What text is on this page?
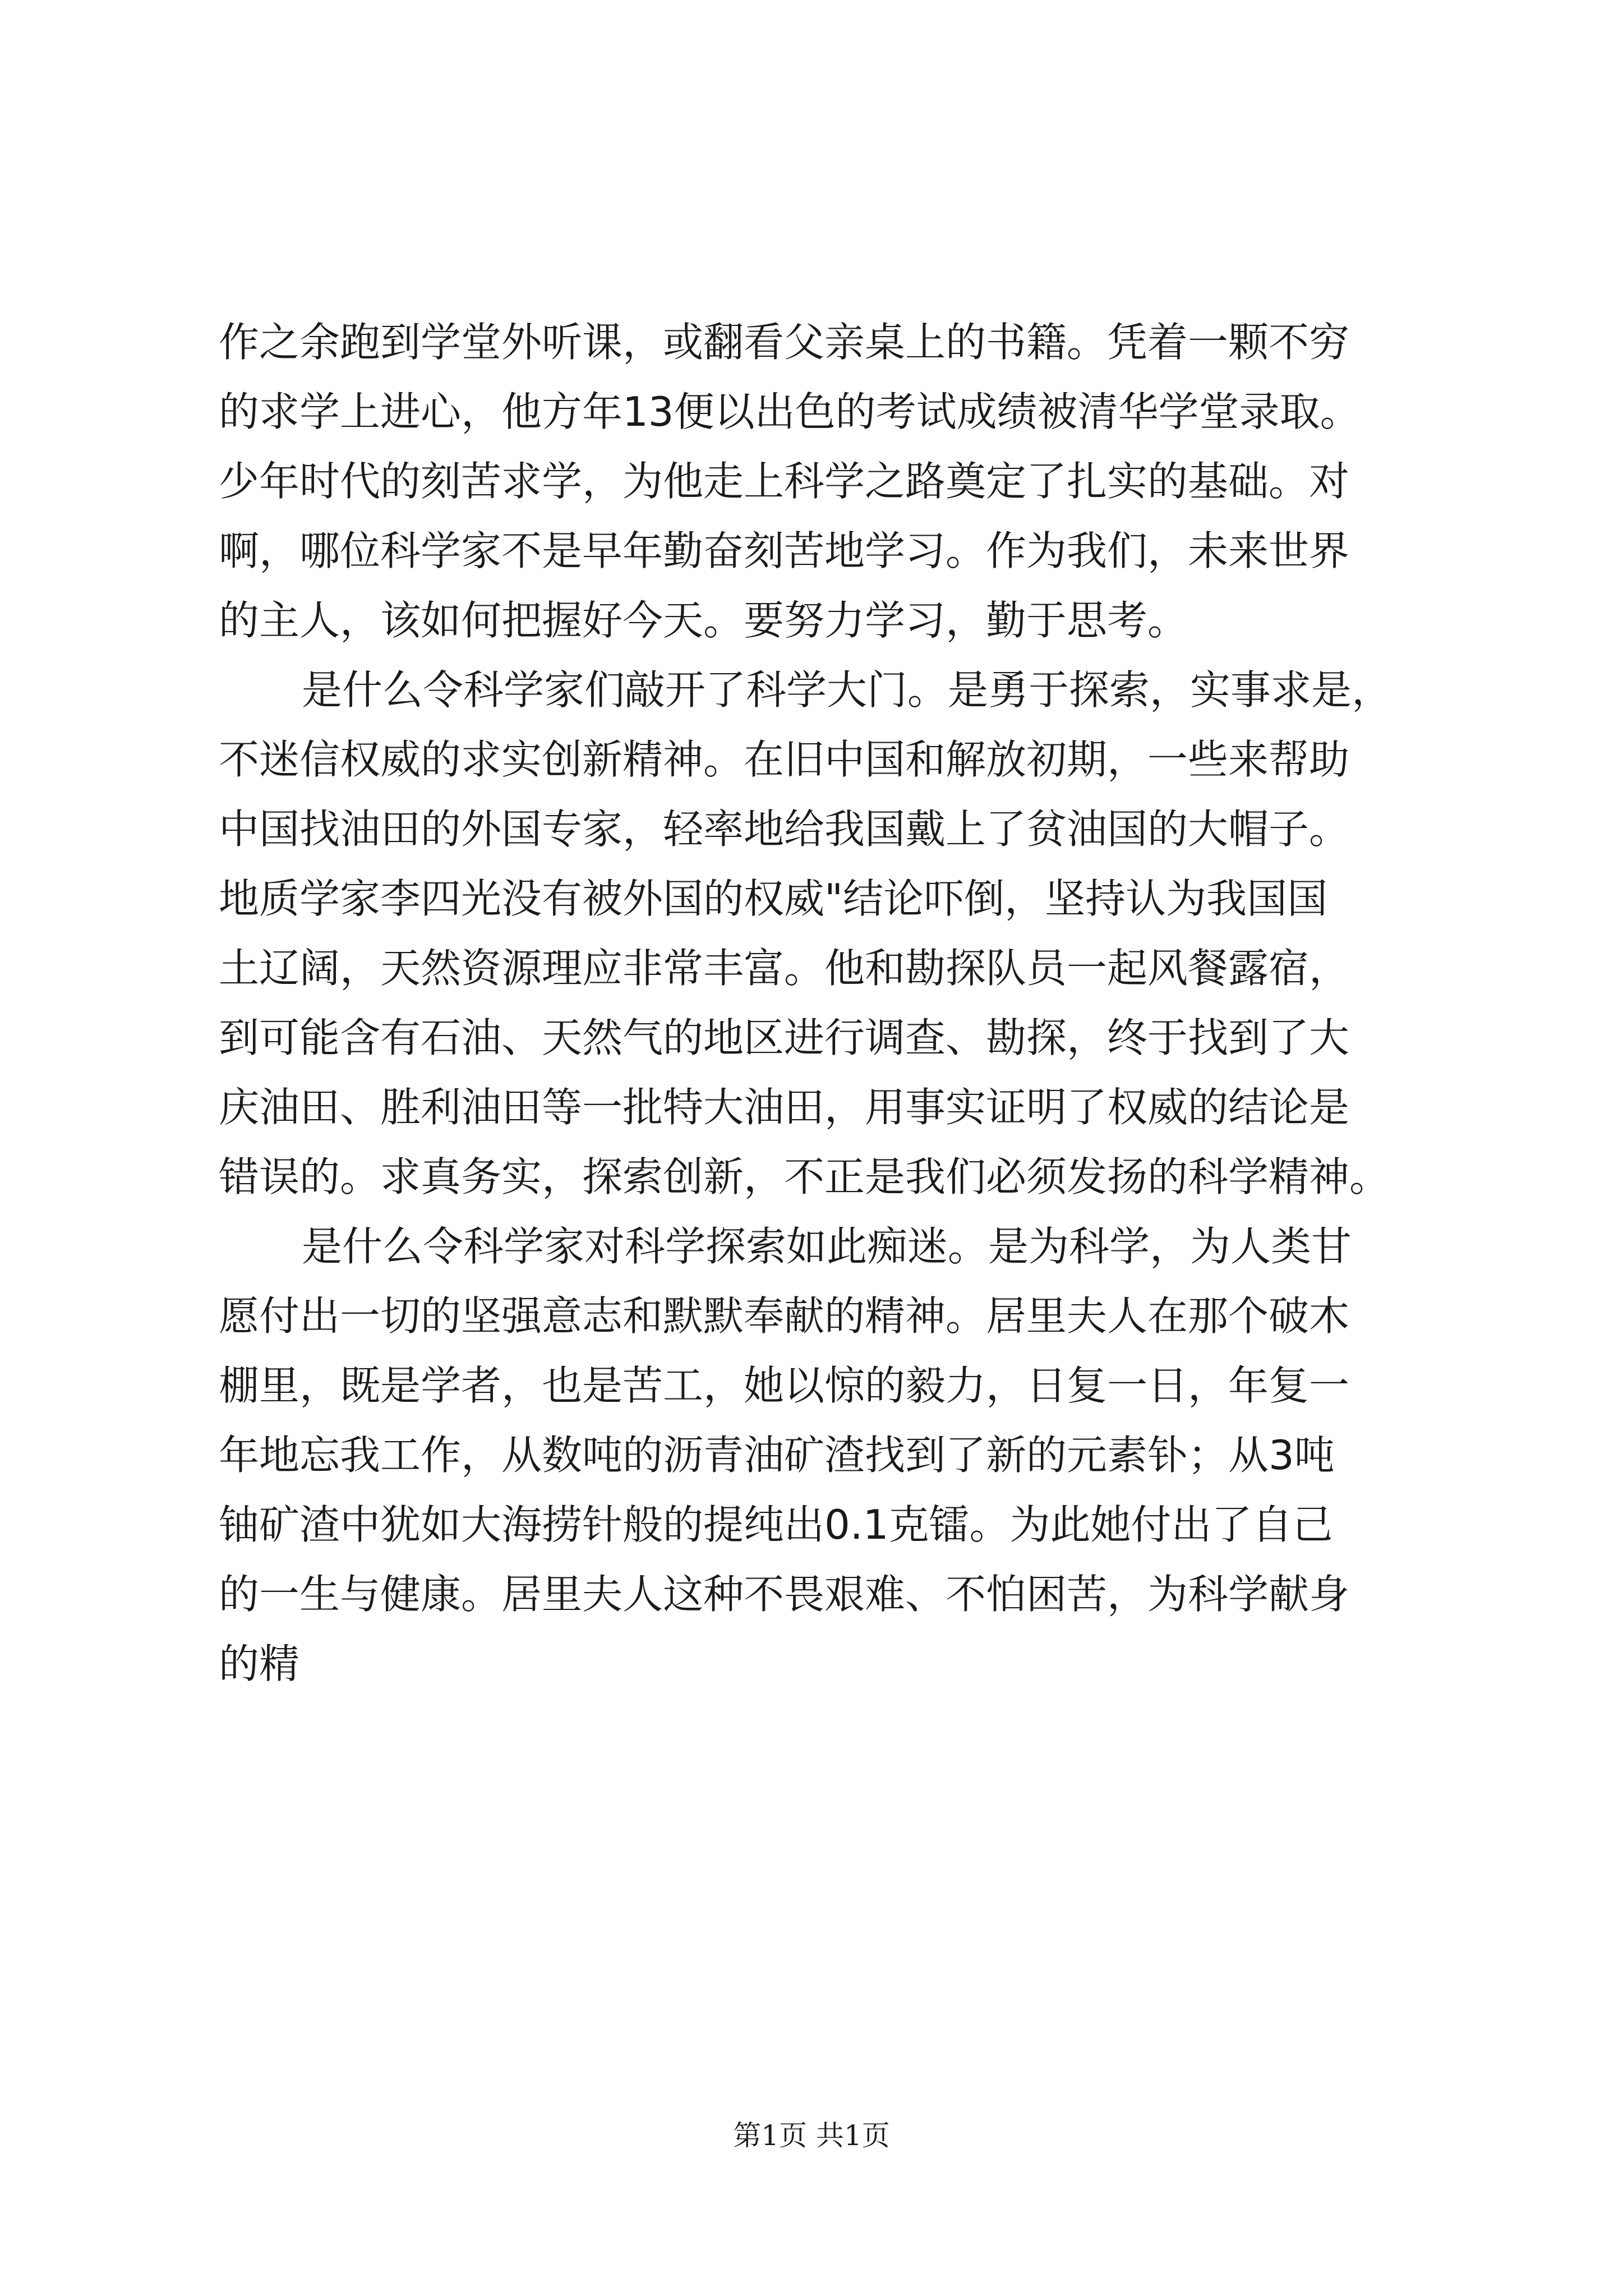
作之余跑到学堂外听课，或翻看父亲桌上的书籍。凭着一颗不穷

的求学上进心，他方年13便以出色的考试成绩被清华学堂录取。

少年时代的刻苦求学，为他走上科学之路奠定了扎实的基础。对

啊，哪位科学家不是早年勤奋刻苦地学习。作为我们，未来世界

的主人，该如何把握好今天。要努力学习，勤于思考。

是什么令科学家们敲开了科学大门。是勇于探索，实事求是，

不迷信权威的求实创新精神。在旧中国和解放初期，一些来帮助

中国找油田的外国专家，轻率地给我国戴上了贫油国的大帽子。

地质学家李四光没有被外国的权威"结论吓倒，坚持认为我国国

土辽阔，天然资源理应非常丰富。他和勘探队员一起风餐露宿，

到可能含有石油、天然气的地区进行调查、勘探，终于找到了大

庆油田、胜利油田等一批特大油田，用事实证明了权威的结论是

错误的。求真务实，探索创新，不正是我们必须发扬的科学精神。

是什么令科学家对科学探索如此痴迷。是为科学，为人类甘

愿付出一切的坚强意志和默默奉献的精神。居里夫人在那个破木

棚里，既是学者，也是苦工，她以惊的毅力，日复一日，年复一

年地忘我工作，从数吨的沥青油矿渣找到了新的元素钋；从3吨

铀矿渣中犹如大海捞针般的提纯出0.1克镭。为此她付出了自己

的一生与健康。居里夫人这种不畏艰难、不怕困苦，为科学献身

的精

第1页 共1页
